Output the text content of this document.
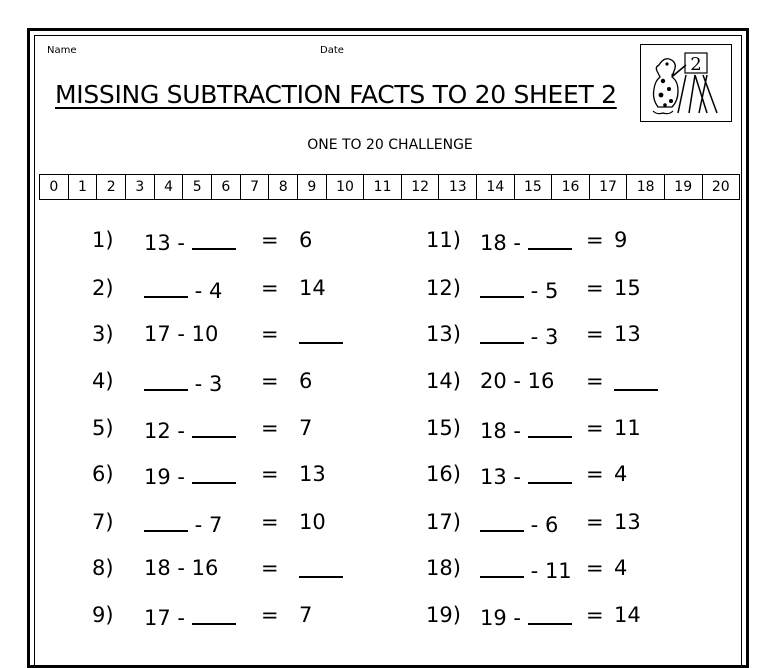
Name	Date
MISSING SUBTRACTION FACTS TO 20 SHEET 2
2
ONE TO 20 CHALLENGE
0	1	2	3	4	5	6	7	8	9	10	11	12	13	14	15	16	17	18	19	20
1) 13 -	= 6
2)	- 4 = 14
3) 17 - 10 =
4)	- 3 = 6
5) 12 -	= 7
6) 19 -	= 13
7)	- 7 = 10
8) 18 - 16 =
9) 17 -	= 7
11) 18 -	= 9
12)	- 5 = 15
13)	- 3 = 13
14) 20 - 16 =
15) 18 -	= 11
16) 13 -	= 4
17)	- 6 = 13
18)	- 11 = 4
19) 19 -	= 14
